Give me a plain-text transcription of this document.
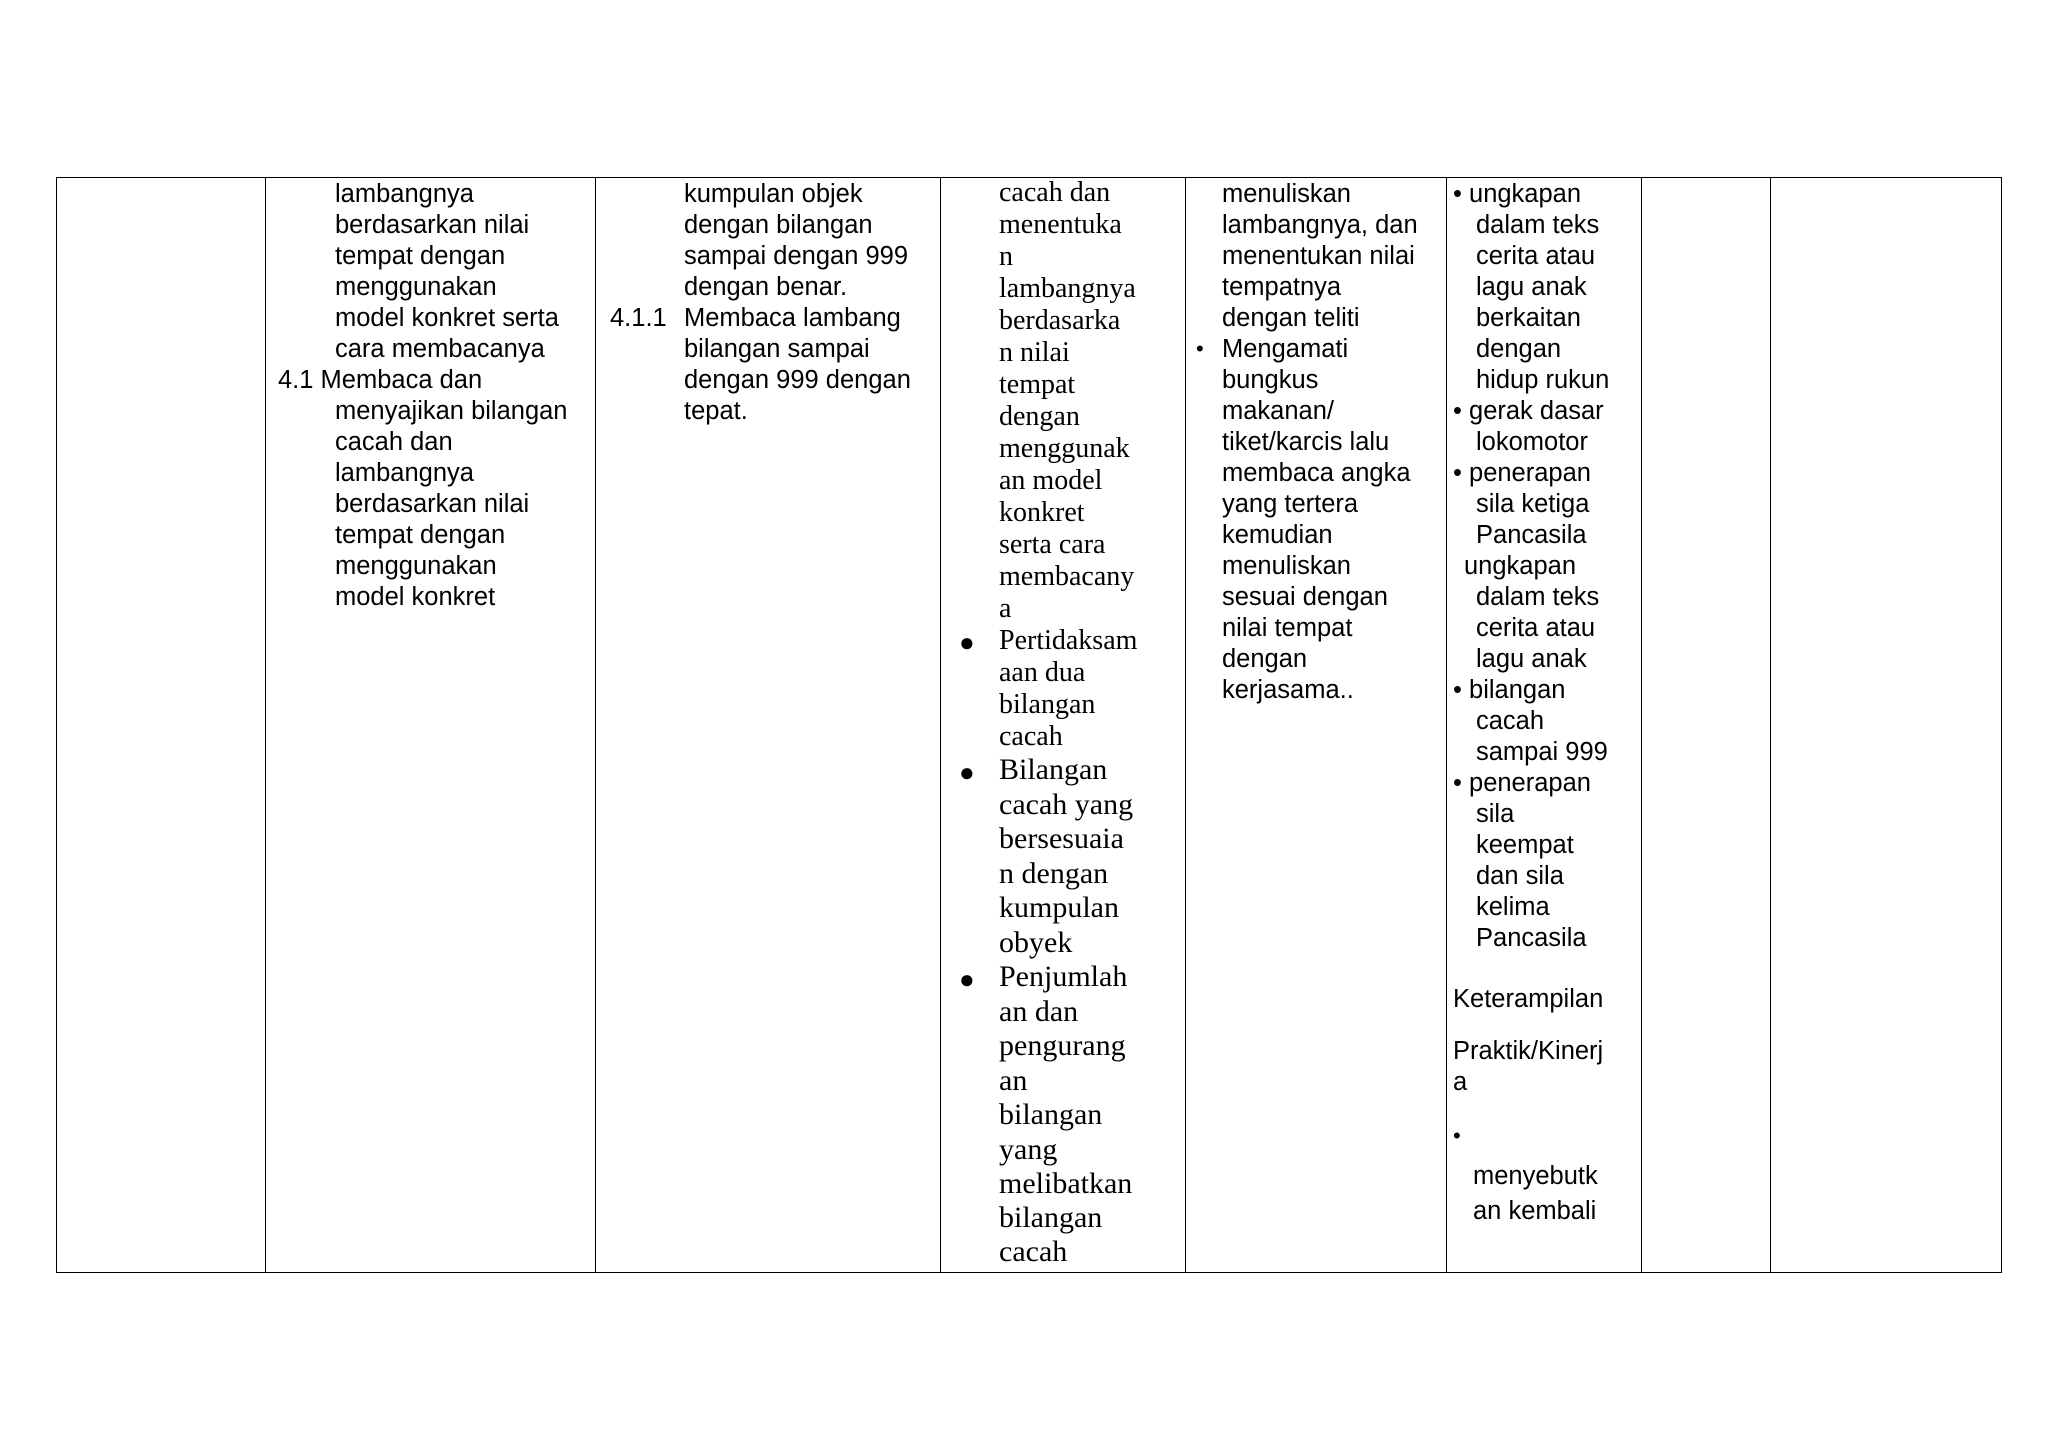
lambangnya
berdasarkan nilai
tempat dengan
menggunakan
model konkret serta
cara membacanya
4.1 Membaca dan
menyajikan bilangan
cacah dan
lambangnya
berdasarkan nilai
tempat dengan
menggunakan
model konkret
kumpulan objek
dengan bilangan
sampai dengan 999
dengan benar.
4.1.1 Membaca lambang
bilangan sampai
dengan 999 dengan
tepat.
cacah dan
menentuka
n
lambangnya
berdasarka
n nilai
tempat
dengan
menggunak
an model
konkret
serta cara
membacany
a
● Pertidaksam
aan dua
bilangan
cacah
● Bilangan
cacah yang
bersesuaia
n dengan
kumpulan
obyek
● Penjumlah
an dan
pengurang
an
bilangan
yang
melibatkan
bilangan
cacah
menuliskan
lambangnya, dan
menentukan nilai
tempatnya
dengan teliti
• Mengamati
bungkus
makanan/
tiket/karcis lalu
membaca angka
yang tertera
kemudian
menuliskan
sesuai dengan
nilai tempat
dengan
kerjasama..
• ungkapan
dalam teks
cerita atau
lagu anak
berkaitan
dengan
hidup rukun
• gerak dasar
lokomotor
• penerapan
sila ketiga
Pancasila
ungkapan
dalam teks
cerita atau
lagu anak
• bilangan
cacah
sampai 999
• penerapan
sila
keempat
dan sila
kelima
Pancasila
Keterampilan
Praktik/Kinerj
a
•
menyebutk
an kembali
